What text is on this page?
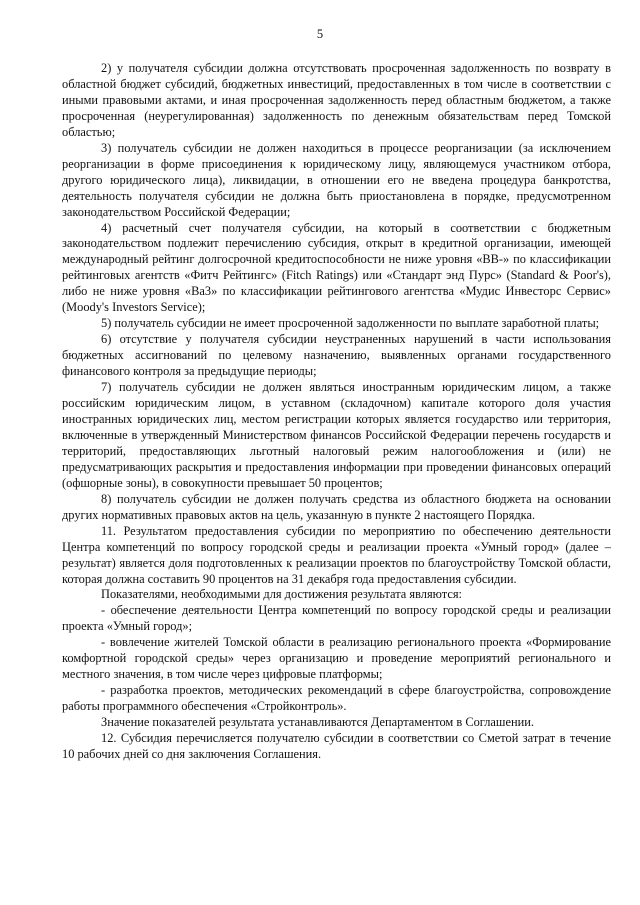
5

2) у получателя субсидии должна отсутствовать просроченная задолженность по возврату в областной бюджет субсидий, бюджетных инвестиций, предоставленных в том числе в соответствии с иными правовыми актами, и иная просроченная задолженность перед областным бюджетом, а также просроченная (неурегулированная) задолженность по денежным обязательствам перед Томской областью;

3) получатель субсидии не должен находиться в процессе реорганизации (за исключением реорганизации в форме присоединения к юридическому лицу, являющемуся участником отбора, другого юридического лица), ликвидации, в отношении его не введена процедура банкротства, деятельность получателя субсидии не должна быть приостановлена в порядке, предусмотренном законодательством Российской Федерации;

4) расчетный счет получателя субсидии, на который в соответствии с бюджетным законодательством подлежит перечислению субсидия, открыт в кредитной организации, имеющей международный рейтинг долгосрочной кредитоспособности не ниже уровня «BB-» по классификации рейтинговых агентств «Фитч Рейтингс» (Fitch Ratings) или «Стандарт энд Пурс» (Standard & Poor's), либо не ниже уровня «Ba3» по классификации рейтингового агентства «Мудис Инвесторс Сервис» (Moody's Investors Service);

5) получатель субсидии не имеет просроченной задолженности по выплате заработной платы;

6) отсутствие у получателя субсидии неустраненных нарушений в части использования бюджетных ассигнований по целевому назначению, выявленных органами государственного финансового контроля за предыдущие периоды;

7) получатель субсидии не должен являться иностранным юридическим лицом, а также российским юридическим лицом, в уставном (складочном) капитале которого доля участия иностранных юридических лиц, местом регистрации которых является государство или территория, включенные в утвержденный Министерством финансов Российской Федерации перечень государств и территорий, предоставляющих льготный налоговый режим налогообложения и (или) не предусматривающих раскрытия и предоставления информации при проведении финансовых операций (офшорные зоны), в совокупности превышает 50 процентов;

8) получатель субсидии не должен получать средства из областного бюджета на основании других нормативных правовых актов на цель, указанную в пункте 2 настоящего Порядка.

11. Результатом предоставления субсидии по мероприятию по обеспечению деятельности Центра компетенций по вопросу городской среды и реализации проекта «Умный город» (далее – результат) является доля подготовленных к реализации проектов по благоустройству Томской области, которая должна составить 90 процентов на 31 декабря года предоставления субсидии.

Показателями, необходимыми для достижения результата являются:

- обеспечение деятельности Центра компетенций по вопросу городской среды и реализации проекта «Умный город»;

- вовлечение жителей Томской области в реализацию регионального проекта «Формирование комфортной городской среды» через организацию и проведение мероприятий регионального и местного значения, в том числе через цифровые платформы;

- разработка проектов, методических рекомендаций в сфере благоустройства, сопровождение работы программного обеспечения «Стройконтроль».

Значение показателей результата устанавливаются Департаментом в Соглашении.

12. Субсидия перечисляется получателю субсидии в соответствии со Сметой затрат в течение 10 рабочих дней со дня заключения Соглашения.
